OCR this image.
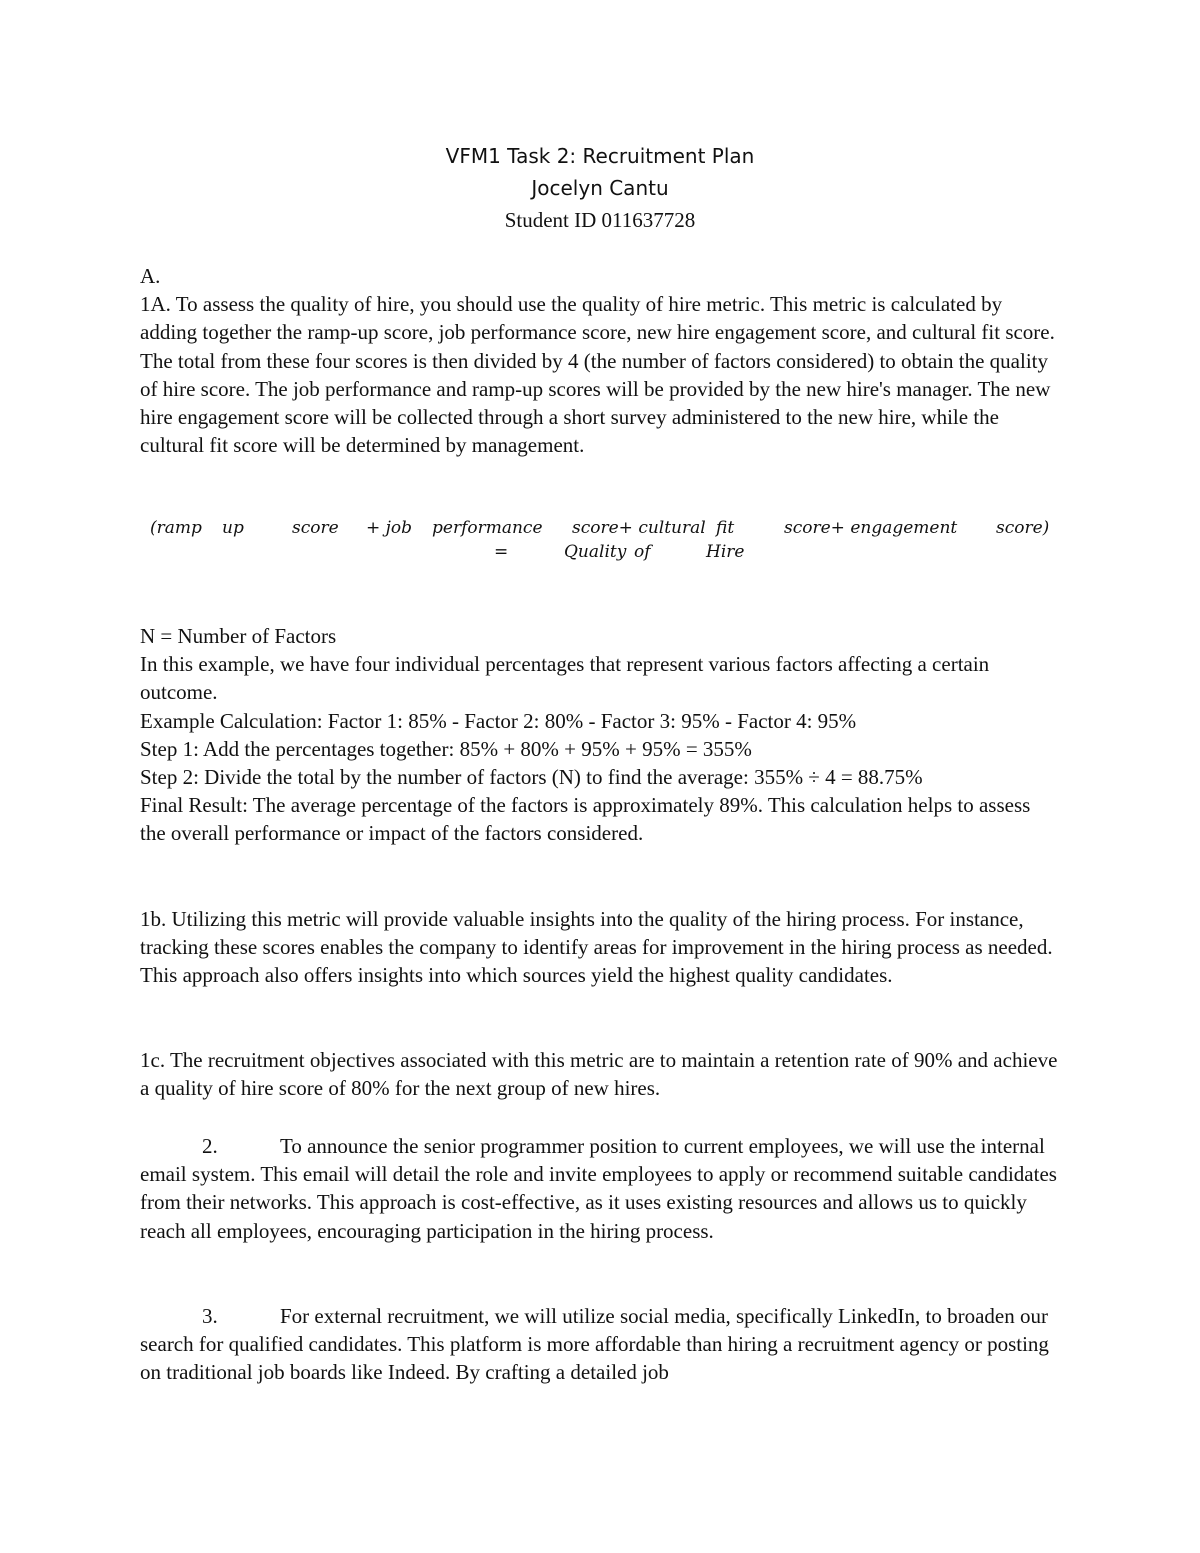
VFM1 Task 2: Recruitment Plan
Jocelyn Cantu
Student ID 011637728

A.

1A. To assess the quality of hire, you should use the quality of hire metric. This metric is calculated by adding together the ramp-up score, job performance score, new hire engagement score, and cultural fit score. The total from these four scores is then divided by 4 (the number of factors considered) to obtain the quality of hire score. The job performance and ramp-up scores will be provided by the new hire's manager. The new hire engagement score will be collected through a short survey administered to the new hire, while the cultural fit score will be determined by management.

(ramp up	score + job performance score+ cultural fit	score+ engagement score)
=	Quality of	Hire

N = Number of Factors

In this example, we have four individual percentages that represent various factors affecting a certain outcome.

Example Calculation: Factor 1: 85% - Factor 2: 80% - Factor 3: 95% - Factor 4: 95%

Step 1: Add the percentages together: 85% + 80% + 95% + 95% = 355%

Step 2: Divide the total by the number of factors (N) to find the average: 355% ÷ 4 = 88.75%

Final Result: The average percentage of the factors is approximately 89%. This calculation helps to assess the overall performance or impact of the factors considered.

1b. Utilizing this metric will provide valuable insights into the quality of the hiring process. For instance, tracking these scores enables the company to identify areas for improvement in the hiring process as needed. This approach also offers insights into which sources yield the highest quality candidates.

1c. The recruitment objectives associated with this metric are to maintain a retention rate of 90% and achieve a quality of hire score of 80% for the next group of new hires.

2.	To announce the senior programmer position to current employees, we will use the internal email system. This email will detail the role and invite employees to apply or recommend suitable candidates from their networks. This approach is cost-effective, as it uses existing resources and allows us to quickly reach all employees, encouraging participation in the hiring process.

3.	For external recruitment, we will utilize social media, specifically LinkedIn, to broaden our search for qualified candidates. This platform is more affordable than hiring a recruitment agency or posting on traditional job boards like Indeed. By crafting a detailed job
